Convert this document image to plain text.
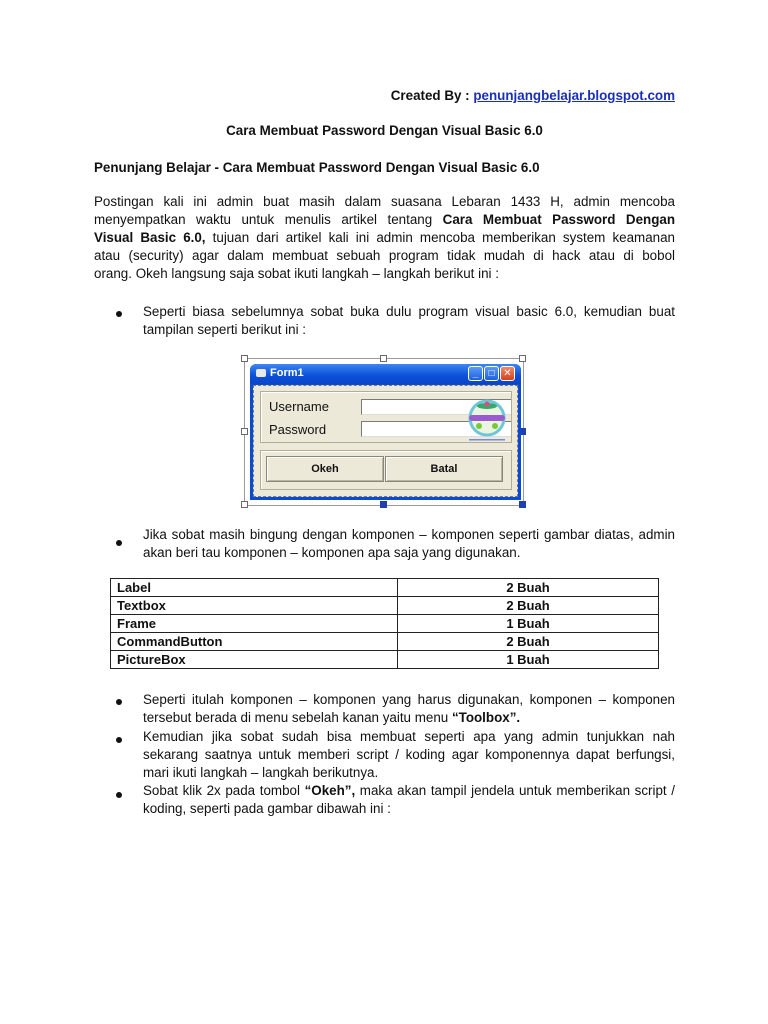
Created By : penunjangbelajar.blogspot.com
Cara Membuat Password Dengan Visual Basic 6.0
Penunjang Belajar - Cara Membuat Password Dengan Visual Basic 6.0
Postingan kali ini admin buat masih dalam suasana Lebaran 1433 H, admin mencoba
menyempatkan waktu untuk menulis artikel tentang Cara Membuat Password Dengan
Visual Basic 6.0, tujuan dari artikel kali ini admin mencoba memberikan system keamanan
atau (security) agar dalam membuat sebuah program tidak mudah di hack atau di bobol
orang. Okeh langsung saja sobat ikuti langkah – langkah berikut ini :
Seperti biasa sebelumnya sobat buka dulu program visual basic 6.0, kemudian buat tampilan seperti berikut ini :
Form1	_	□ ✕
Username
Password
Okeh	Batal
Jika sobat masih bingung dengan komponen – komponen seperti gambar diatas, admin akan beri tau komponen – komponen apa saja yang digunakan.
Label	2 Buah
Textbox	2 Buah
Frame	1 Buah
CommandButton	2 Buah
PictureBox	1 Buah
Seperti itulah komponen – komponen yang harus digunakan, komponen – komponen tersebut berada di menu sebelah kanan yaitu menu “Toolbox”.
Kemudian jika sobat sudah bisa membuat seperti apa yang admin tunjukkan nah sekarang saatnya untuk memberi script / koding agar komponennya dapat berfungsi, mari ikuti langkah – langkah berikutnya.
Sobat klik 2x pada tombol “Okeh”, maka akan tampil jendela untuk memberikan script / koding, seperti pada gambar dibawah ini :
